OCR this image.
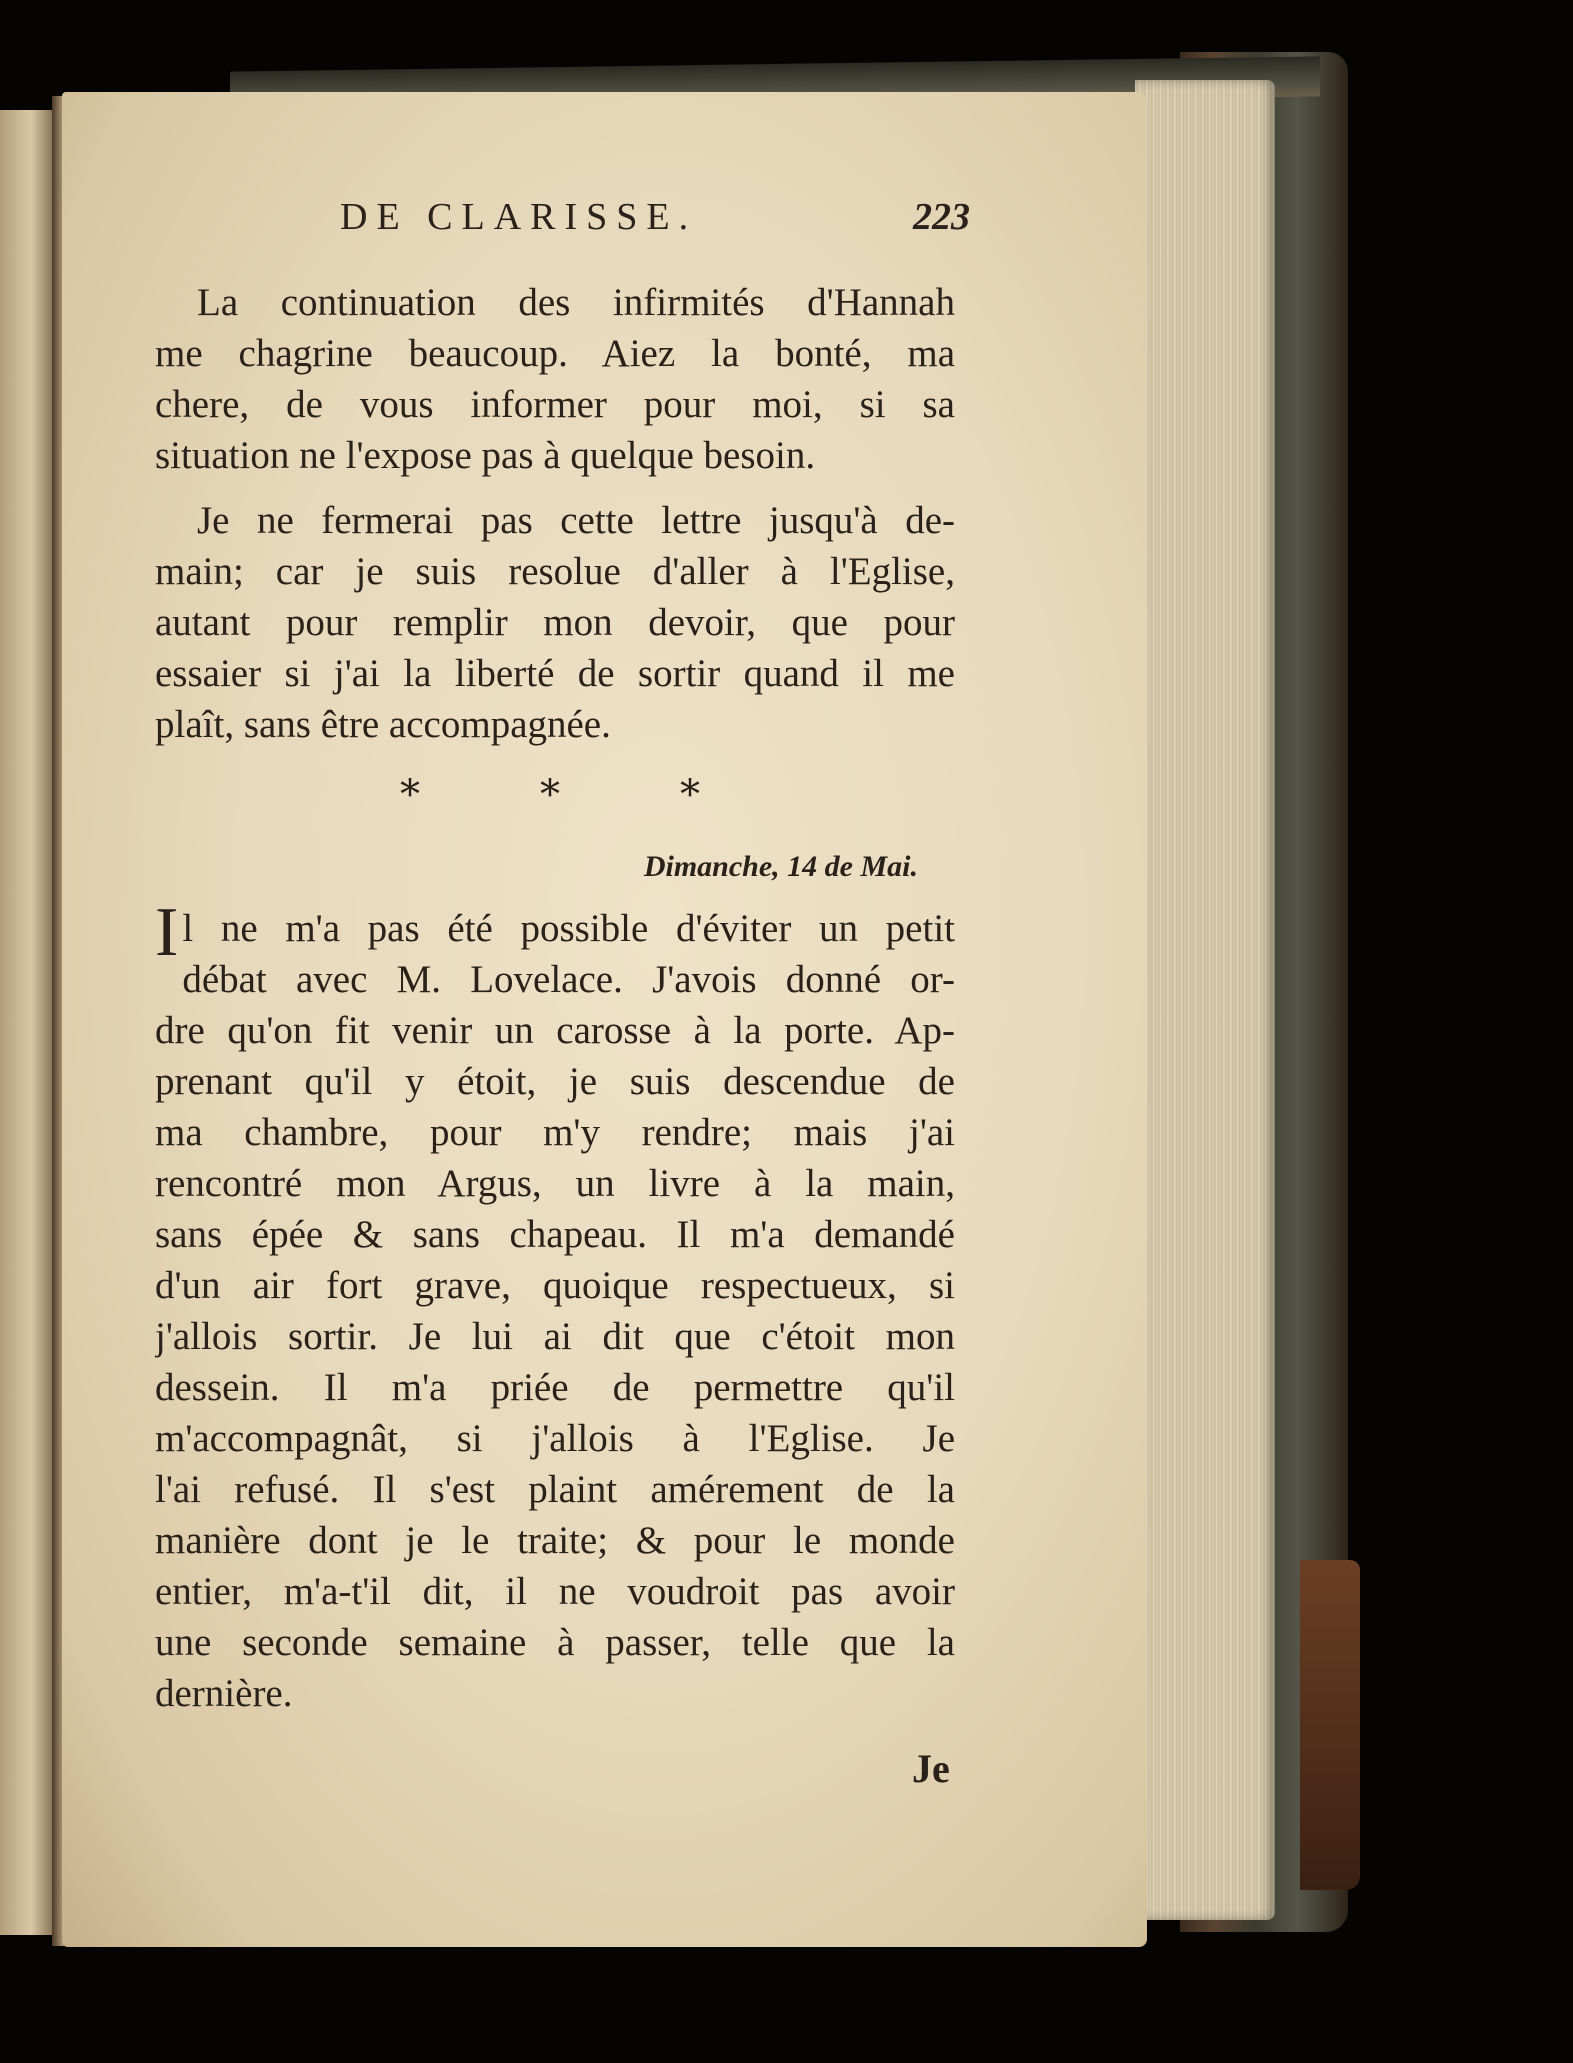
DE CLARISSE.	223

La continuation des infirmités d'Hannah
me chagrine beaucoup. Aiez la bonté, ma
chere, de vous informer pour moi, si sa
situation ne l'expose pas à quelque besoin.

Je ne fermerai pas cette lettre jusqu'à de-
main; car je suis resolue d'aller à l'Eglise,
autant pour remplir mon devoir, que pour
essaier si j'ai la liberté de sortir quand il me
plaît, sans être accompagnée.

*	*	*
Dimanche, 14 de Mai.
I l ne m'a pas été possible d'éviter un petit
débat avec M. Lovelace. J'avois donné or-
dre qu'on fit venir un carosse à la porte. Ap-
prenant qu'il y étoit, je suis descendue de
ma chambre, pour m'y rendre; mais j'ai
rencontré mon Argus, un livre à la main,
sans épée & sans chapeau. Il m'a demandé
d'un air fort grave, quoique respectueux, si
j'allois sortir. Je lui ai dit que c'étoit mon
dessein. Il m'a priée de permettre qu'il
m'accompagnât, si j'allois à l'Eglise. Je
l'ai refusé. Il s'est plaint amérement de la
manière dont je le traite; & pour le monde
entier, m'a-t'il dit, il ne voudroit pas avoir
une seconde semaine à passer, telle que la
dernière.
Je
